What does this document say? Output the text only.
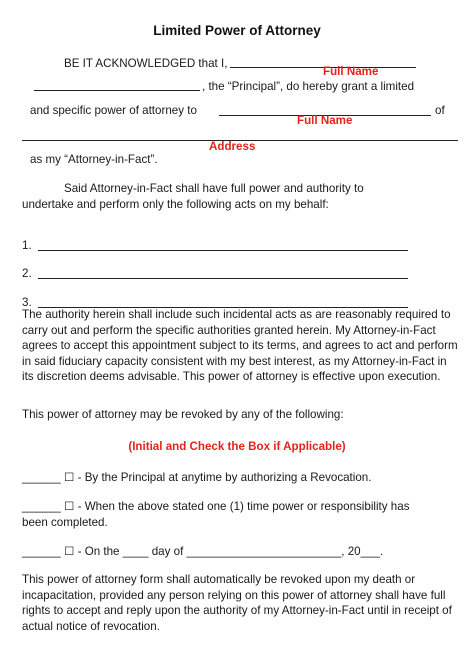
Limited Power of Attorney
BE IT ACKNOWLEDGED that I,
Full Name
, the “Principal”, do hereby grant a limited
and specific power of attorney to	of
Full Name
Address
as my “Attorney-in-Fact”.
Said Attorney-in-Fact shall have full power and authority to
undertake and perform only the following acts on my behalf:
1.
2.
3.
The authority herein shall include such incidental acts as are reasonably required to carry out and perform the specific authorities granted herein. My Attorney-in-Fact agrees to accept this appointment subject to its terms, and agrees to act and perform in said fiduciary capacity consistent with my best interest, as my Attorney-in-Fact in its discretion deems advisable. This power of attorney is effective upon execution.
This power of attorney may be revoked by any of the following:
(Initial and Check the Box if Applicable)
______ ☐ - By the Principal at anytime by authorizing a Revocation.
______ ☐ - When the above stated one (1) time power or responsibility has
been completed.
______ ☐ - On the ____ day of ________________________, 20___.
This power of attorney form shall automatically be revoked upon my death or incapacitation, provided any person relying on this power of attorney shall have full rights to accept and reply upon the authority of my Attorney-in-Fact until in receipt of actual notice of revocation.
